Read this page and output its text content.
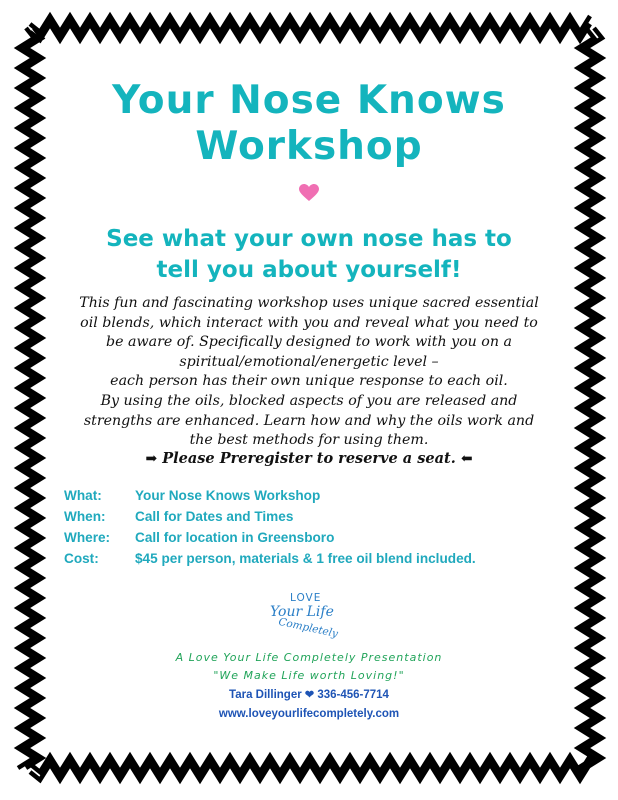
Your Nose Knows
Workshop
See what your own nose has to
tell you about yourself!
This fun and fascinating workshop uses unique sacred essential
oil blends, which interact with you and reveal what you need to
be aware of. Specifically designed to work with you on a
spiritual/emotional/energetic level –
each person has their own unique response to each oil.
By using the oils, blocked aspects of you are released and
strengths are enhanced. Learn how and why the oils work and
the best methods for using them.
➡ Please Preregister to reserve a seat. ⬅
What: Your Nose Knows Workshop
When: Call for Dates and Times
Where: Call for location in Greensboro
Cost:	$45 per person, materials & 1 free oil blend included.
LOVE
Your Life
Completely
A Love Your Life Completely Presentation
"We Make Life worth Loving!"
Tara Dillinger ❤ 336-456-7714
www.loveyourlifecompletely.com
